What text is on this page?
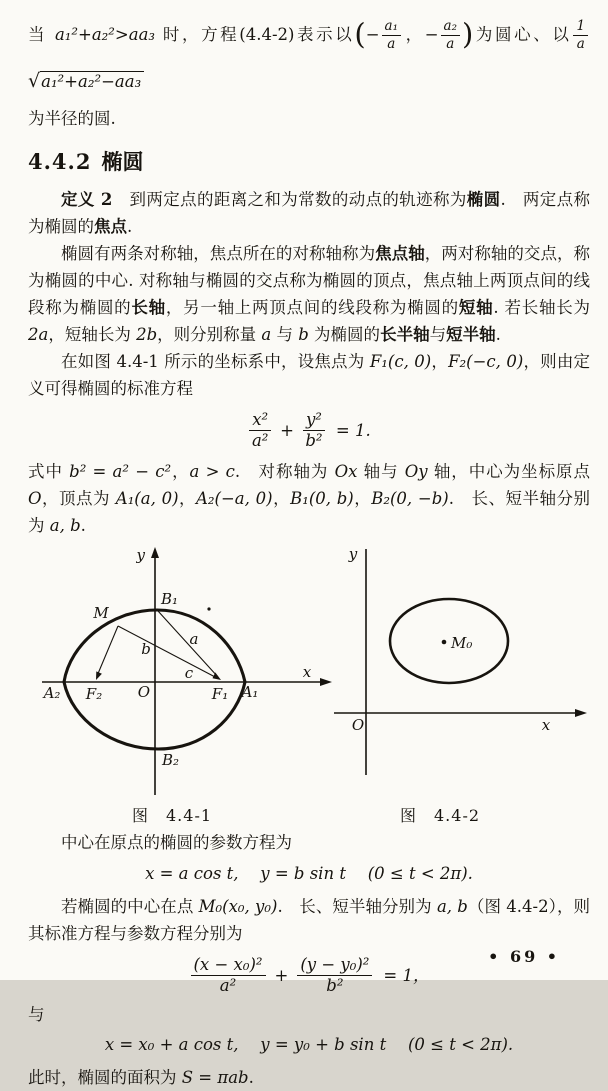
当 a₁²+a₂²>aa₃ 时，方程(4.4-2)表示以(− $\frac{\text{a₁}}{a}$ ，− $\frac{\text{a₂}}{a}$ )为圆心、以 $\frac{1}{a}$
√a₁²+a₂²−aa₃

为半径的圆.

4.4.2 椭圆

定义 2　到两定点的距离之和为常数的动点的轨迹称为椭圆.　两定点称为椭圆的焦点.

椭圆有两条对称轴，焦点所在的对称轴称为焦点轴，两对称轴的交点，称为椭圆的中心. 对称轴与椭圆的交点称为椭圆的顶点，焦点轴上两顶点间的线段称为椭圆的长轴，另一轴上两顶点间的线段称为椭圆的短轴. 若长轴长为 2a，短轴长为 2b，则分别称量 a 与 b 为椭圆的长半轴与短半轴.

在如图 4.4-1 所示的坐标系中，设焦点为 F₁(c, 0)，F₂(−c, 0)，则由定义可得椭圆的标准方程

$\frac{\text{x²}}{\text{a²}} + \frac{\text{y²}}{\text{b²}} = 1$.

式中 b² = a² − c²，a > c.　对称轴为 Ox 轴与 Oy 轴，中心为坐标原点 O，顶点为 A₁(a, 0)，A₂(−a, 0)，B₁(0, b)，B₂(0, −b).　长、短半轴分别为 a, b.

y
B₁
M
a
b
c
O
F₂	F₁
A₂	A₁
B₂
x
y
M₀
O	x
图　4.4-1	图　4.4-2

中心在原点的椭圆的参数方程为

x = a cos t,　 y = b sin t　 (0 ≤ t < 2π).

若椭圆的中心在点 M₀(x₀, y₀).　长、短半轴分别为 a, b（图 4.4-2），则其标准方程与参数方程分别为

$\frac{\text{(x − x₀)²}}{\text{a²}} + \frac{\text{(y − y₀)²}}{\text{b²}} = 1$，

与

x = x₀ + a cos t,　 y = y₀ + b sin t　 (0 ≤ t < 2π).

此时，椭圆的面积为 S = πab.

• 69 •
